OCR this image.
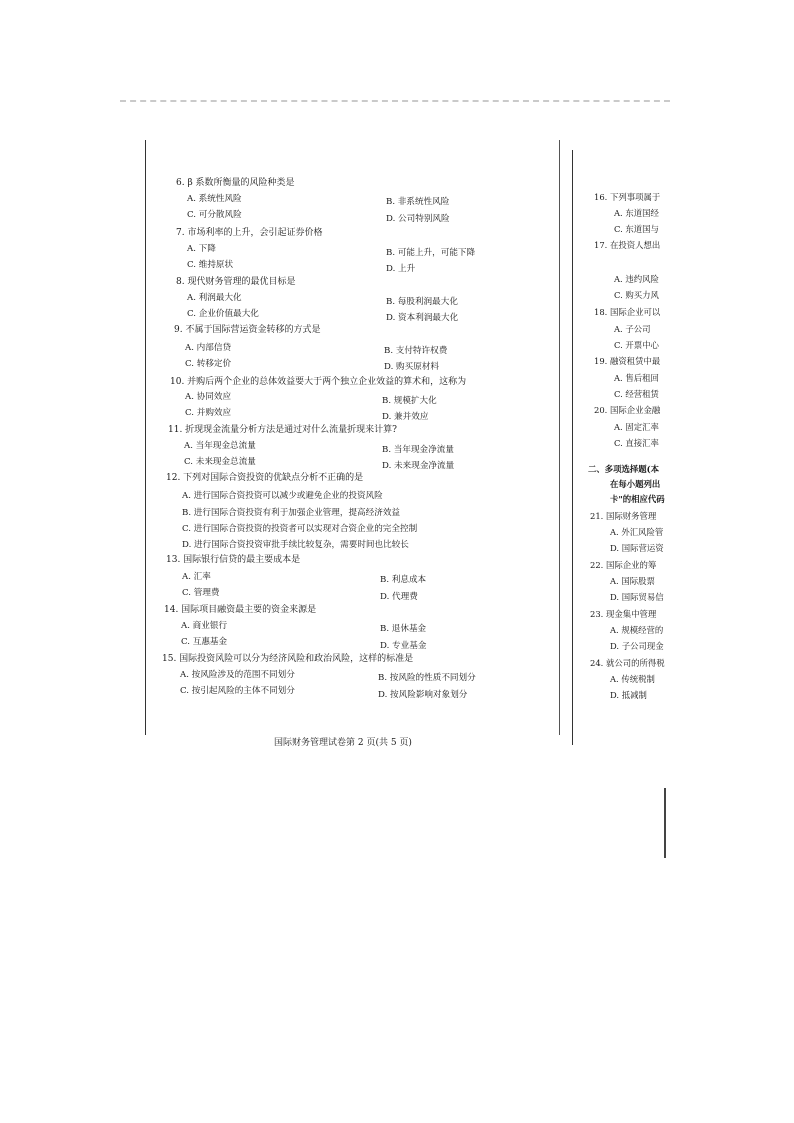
6. β 系数所衡量的风险种类是
A. 系统性风险	B. 非系统性风险
C. 可分散风险	D. 公司特别风险
7. 市场利率的上升，会引起证券价格
A. 下降	B. 可能上升，可能下降
C. 维持原状	D. 上升
8. 现代财务管理的最优目标是
A. 利润最大化	B. 每股利润最大化
C. 企业价值最大化	D. 资本利润最大化
9. 不属于国际营运资金转移的方式是
A. 内部信贷	B. 支付特许权费
C. 转移定价	D. 购买原材料
10. 并购后两个企业的总体效益要大于两个独立企业效益的算术和，这称为
A. 协同效应	B. 规模扩大化
C. 并购效应	D. 兼并效应
11. 折现现金流量分析方法是通过对什么流量折现来计算?
A. 当年现金总流量	B. 当年现金净流量
C. 未来现金总流量	D. 未来现金净流量
12. 下列对国际合资投资的优缺点分析不正确的是
A. 进行国际合资投资可以减少或避免企业的投资风险
B. 进行国际合资投资有利于加强企业管理，提高经济效益
C. 进行国际合资投资的投资者可以实现对合资企业的完全控制
D. 进行国际合资投资审批手续比较复杂，需要时间也比较长
13. 国际银行信贷的最主要成本是
A. 汇率	B. 利息成本
C. 管理费	D. 代理费
14. 国际项目融资最主要的资金来源是
A. 商业银行	B. 退休基金
C. 互惠基金	D. 专业基金
15. 国际投资风险可以分为经济风险和政治风险，这样的标准是
A. 按风险涉及的范围不同划分	B. 按风险的性质不同划分
C. 按引起风险的主体不同划分	D. 按风险影响对象划分
国际财务管理试卷第 2 页(共 5 页)
16. 下列事项属于
A. 东道国经
C. 东道国与
17. 在投资人想出
A. 违约风险
C. 购买力风
18. 国际企业可以
A. 子公司
C. 开票中心
19. 融资租赁中最
A. 售后租回
C. 经营租赁
20. 国际企业金融
A. 固定汇率
C. 直接汇率
二、多项选择题(本
在每小题列出
卡"的相应代码
21. 国际财务管理
A. 外汇风险管
D. 国际营运资
22. 国际企业的筹
A. 国际股票
D. 国际贸易信
23. 现金集中管理
A. 规模经营的
D. 子公司现金
24. 就公司的所得税
A. 传统税制
D. 抵减制
